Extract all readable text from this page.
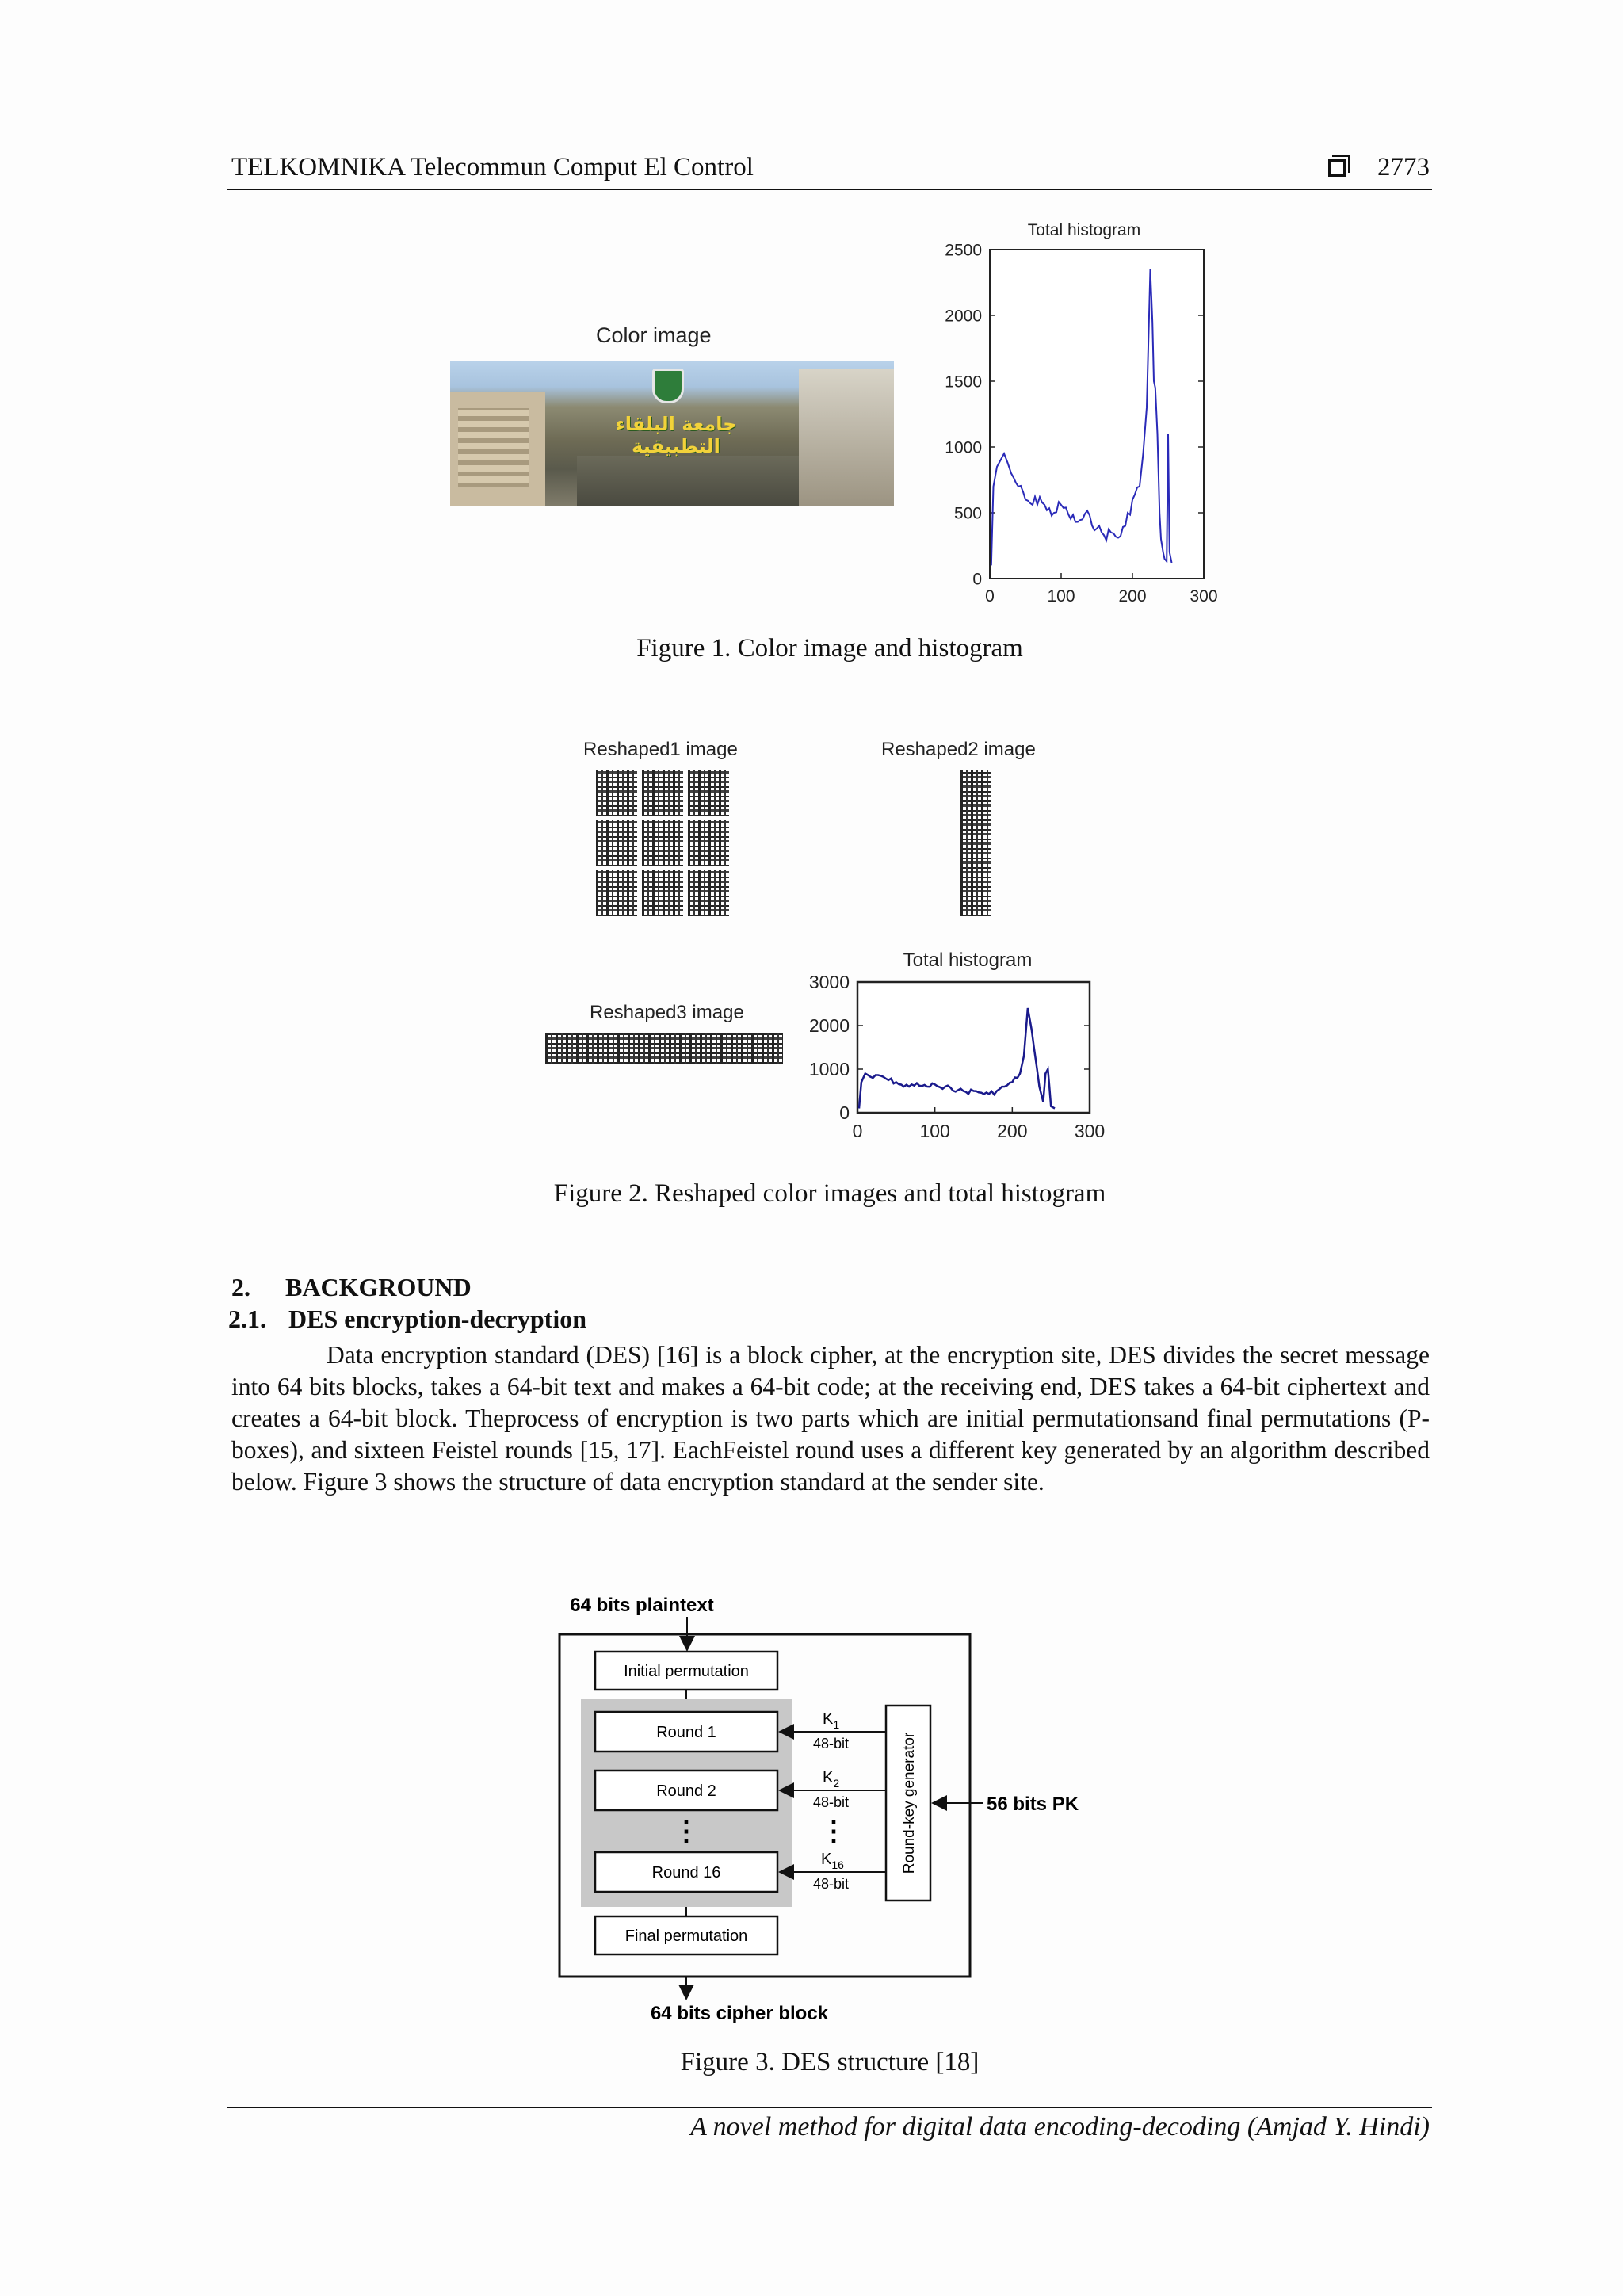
TELKOMNIKA Telecommun Comput El Control	2773
Color image
جامعة البلقاء التطبيقية
Total histogram
0
500
1000
1500
2000
2500
0	100	200	300
Figure 1. Color image and histogram
Reshaped1 image	Reshaped2 image
Reshaped3 image
Total histogram
0
1000
2000
3000
0	100	200	300
Figure 2. Reshaped color images and total histogram
2. BACKGROUND
2.1. DES encryption-decryption

Data encryption standard (DES) [16] is a block cipher, at the encryption site, DES divides the secret message into 64 bits blocks, takes a 64-bit text and makes a 64-bit code; at the receiving end, DES takes a 64-bit ciphertext and creates a 64-bit block. Theprocess of encryption is two parts which are initial permutationsand final permutations (P-boxes), and sixteen Feistel rounds [15, 17]. EachFeistel round uses a different key generated by an algorithm described below. Figure 3 shows the structure of data encryption standard at the sender site.

64 bits plaintext
Initial permutation
Round 1
Round 2
⋮
Round 16
Final permutation
64 bits cipher block
Round-key generator
$K_1$
48-bit
$K_2$
48-bit
⋮
$K_{16}$
48-bit
56 bits PK
Figure 3. DES structure [18]
A novel method for digital data encoding-decoding (Amjad Y. Hindi)
